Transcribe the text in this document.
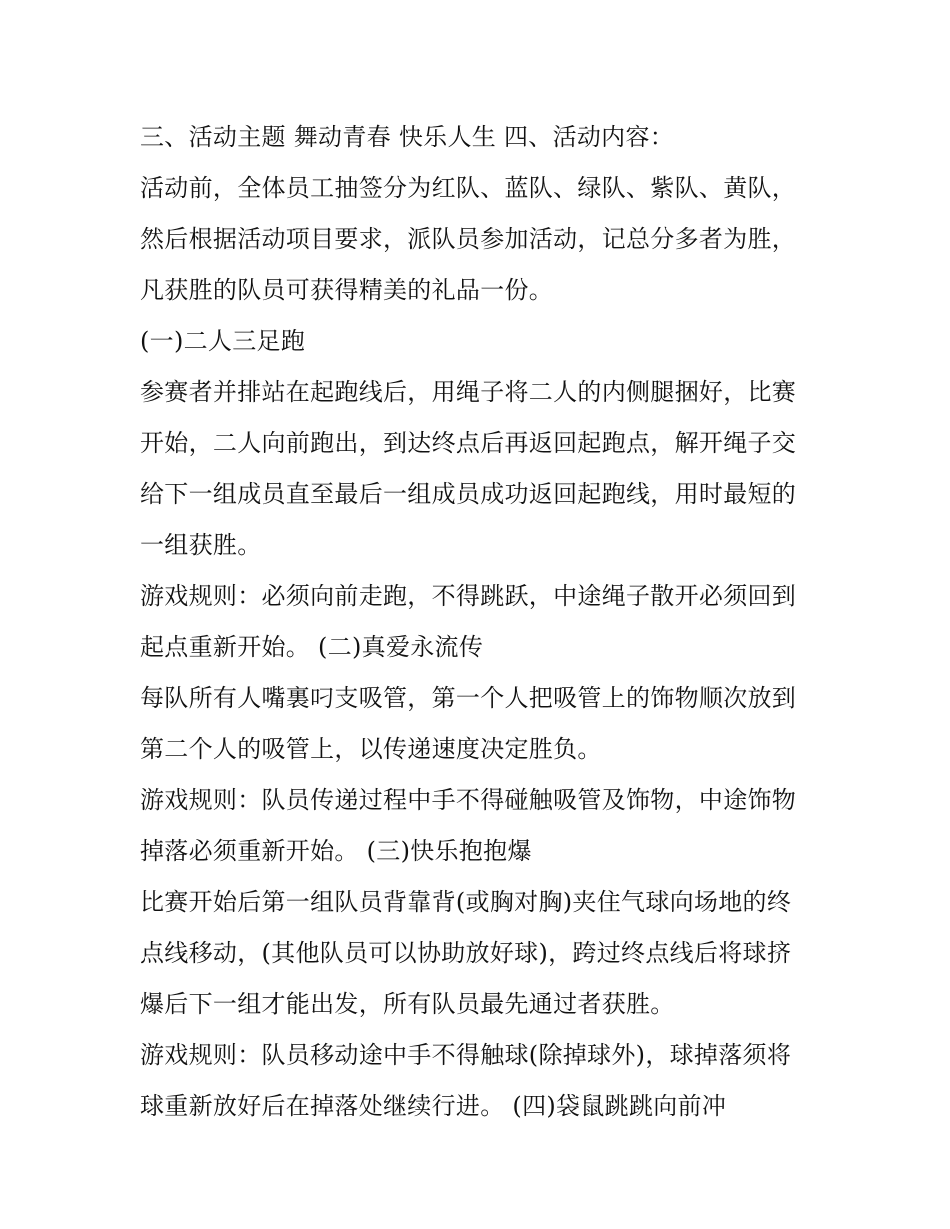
三、活动主题 舞动青春 快乐人生 四、活动内容：
活动前，全体员工抽签分为红队、蓝队、绿队、紫队、黄队，
然后根据活动项目要求，派队员参加活动，记总分多者为胜，
凡获胜的队员可获得精美的礼品一份。
(一)二人三足跑
参赛者并排站在起跑线后，用绳子将二人的内侧腿捆好，比赛
开始，二人向前跑出，到达终点后再返回起跑点，解开绳子交
给下一组成员直至最后一组成员成功返回起跑线，用时最短的
一组获胜。
游戏规则：必须向前走跑，不得跳跃，中途绳子散开必须回到
起点重新开始。 (二)真爱永流传
每队所有人嘴裏叼支吸管，第一个人把吸管上的饰物顺次放到
第二个人的吸管上，以传递速度决定胜负。
游戏规则：队员传递过程中手不得碰触吸管及饰物，中途饰物
掉落必须重新开始。 (三)快乐抱抱爆
比赛开始后第一组队员背靠背(或胸对胸)夹住气球向场地的终
点线移动，(其他队员可以协助放好球)，跨过终点线后将球挤
爆后下一组才能出发，所有队员最先通过者获胜。
游戏规则：队员移动途中手不得触球(除掉球外)，球掉落须将
球重新放好后在掉落处继续行进。 (四)袋鼠跳跳向前冲
